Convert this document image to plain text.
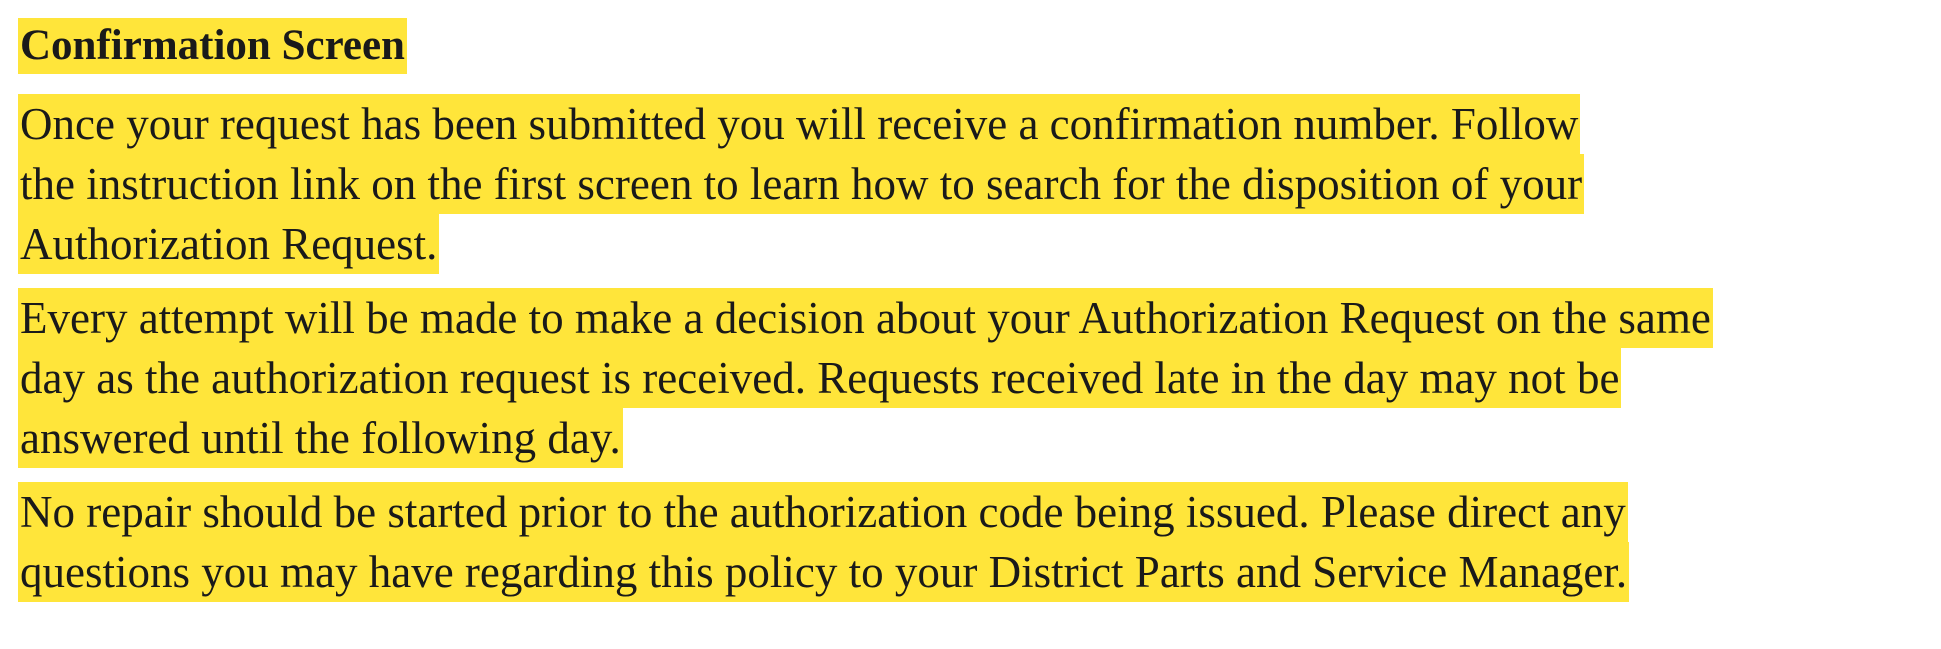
Confirmation Screen
Once your request has been submitted you will receive a confirmation number. Follow
the instruction link on the first screen to learn how to search for the disposition of your
Authorization Request.
Every attempt will be made to make a decision about your Authorization Request on the same
day as the authorization request is received. Requests received late in the day may not be
answered until the following day.
No repair should be started prior to the authorization code being issued. Please direct any
questions you may have regarding this policy to your District Parts and Service Manager.
